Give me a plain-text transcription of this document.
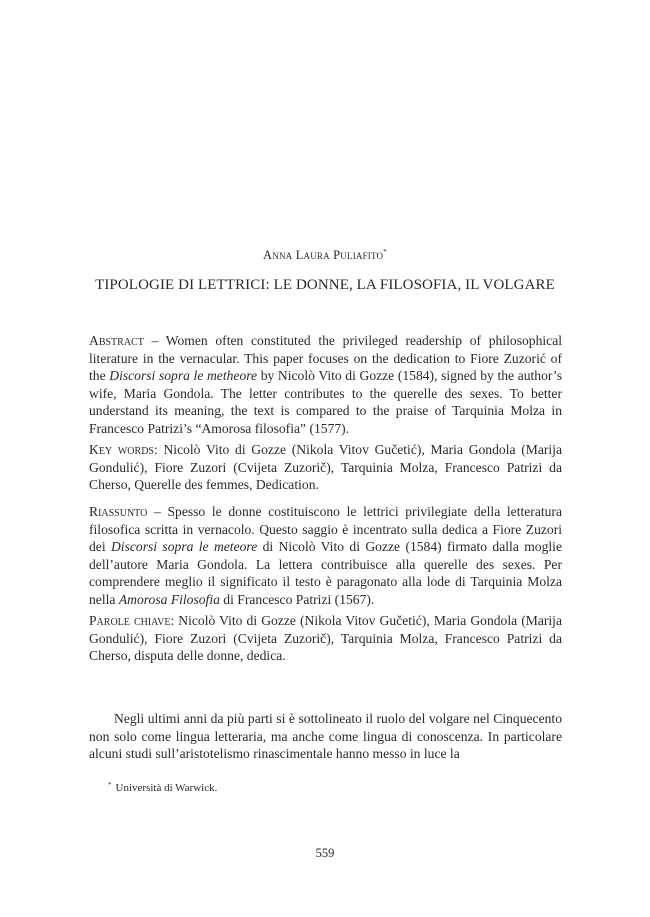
Anna Laura Puliafito*
TIPOLOGIE DI LETTRICI: LE DONNE, LA FILOSOFIA, IL VOLGARE

Abstract – Women often constituted the privileged readership of philosophical literature in the vernacular. This paper focuses on the dedication to Fiore Zuzorić of the Discorsi sopra le metheore by Nicolò Vito di Gozze (1584), signed by the author’s wife, Maria Gondola. The letter contributes to the querelle des sexes. To better understand its meaning, the text is compared to the praise of Tarquinia Molza in Francesco Patrizi’s “Amorosa filosofia” (1577).

Key words: Nicolò Vito di Gozze (Nikola Vitov Gučetić), Maria Gondola (Marija Gondulić), Fiore Zuzori (Cvijeta Zuzorič), Tarquinia Molza, Francesco Patrizi da Cherso, Querelle des femmes, Dedication.

Riassunto – Spesso le donne costituiscono le lettrici privilegiate della letteratura filosofica scritta in vernacolo. Questo saggio è incentrato sulla dedica a Fiore Zuzori dei Discorsi sopra le meteore di Nicolò Vito di Gozze (1584) firmato dalla moglie dell’autore Maria Gondola. La lettera contribuisce alla querelle des sexes. Per comprendere meglio il significato il testo è paragonato alla lode di Tarquinia Molza nella Amorosa Filosofia di Francesco Patrizi (1567).

Parole chiave: Nicolò Vito di Gozze (Nikola Vitov Gučetić), Maria Gondola (Marija Gondulić), Fiore Zuzori (Cvijeta Zuzorič), Tarquinia Molza, Francesco Patrizi da Cherso, disputa delle donne, dedica.

Negli ultimi anni da più parti si è sottolineato il ruolo del volgare nel Cinquecento non solo come lingua letteraria, ma anche come lingua di conoscenza. In particolare alcuni studi sull’aristotelismo rinascimentale hanno messo in luce la

* Università di Warwick.
559
